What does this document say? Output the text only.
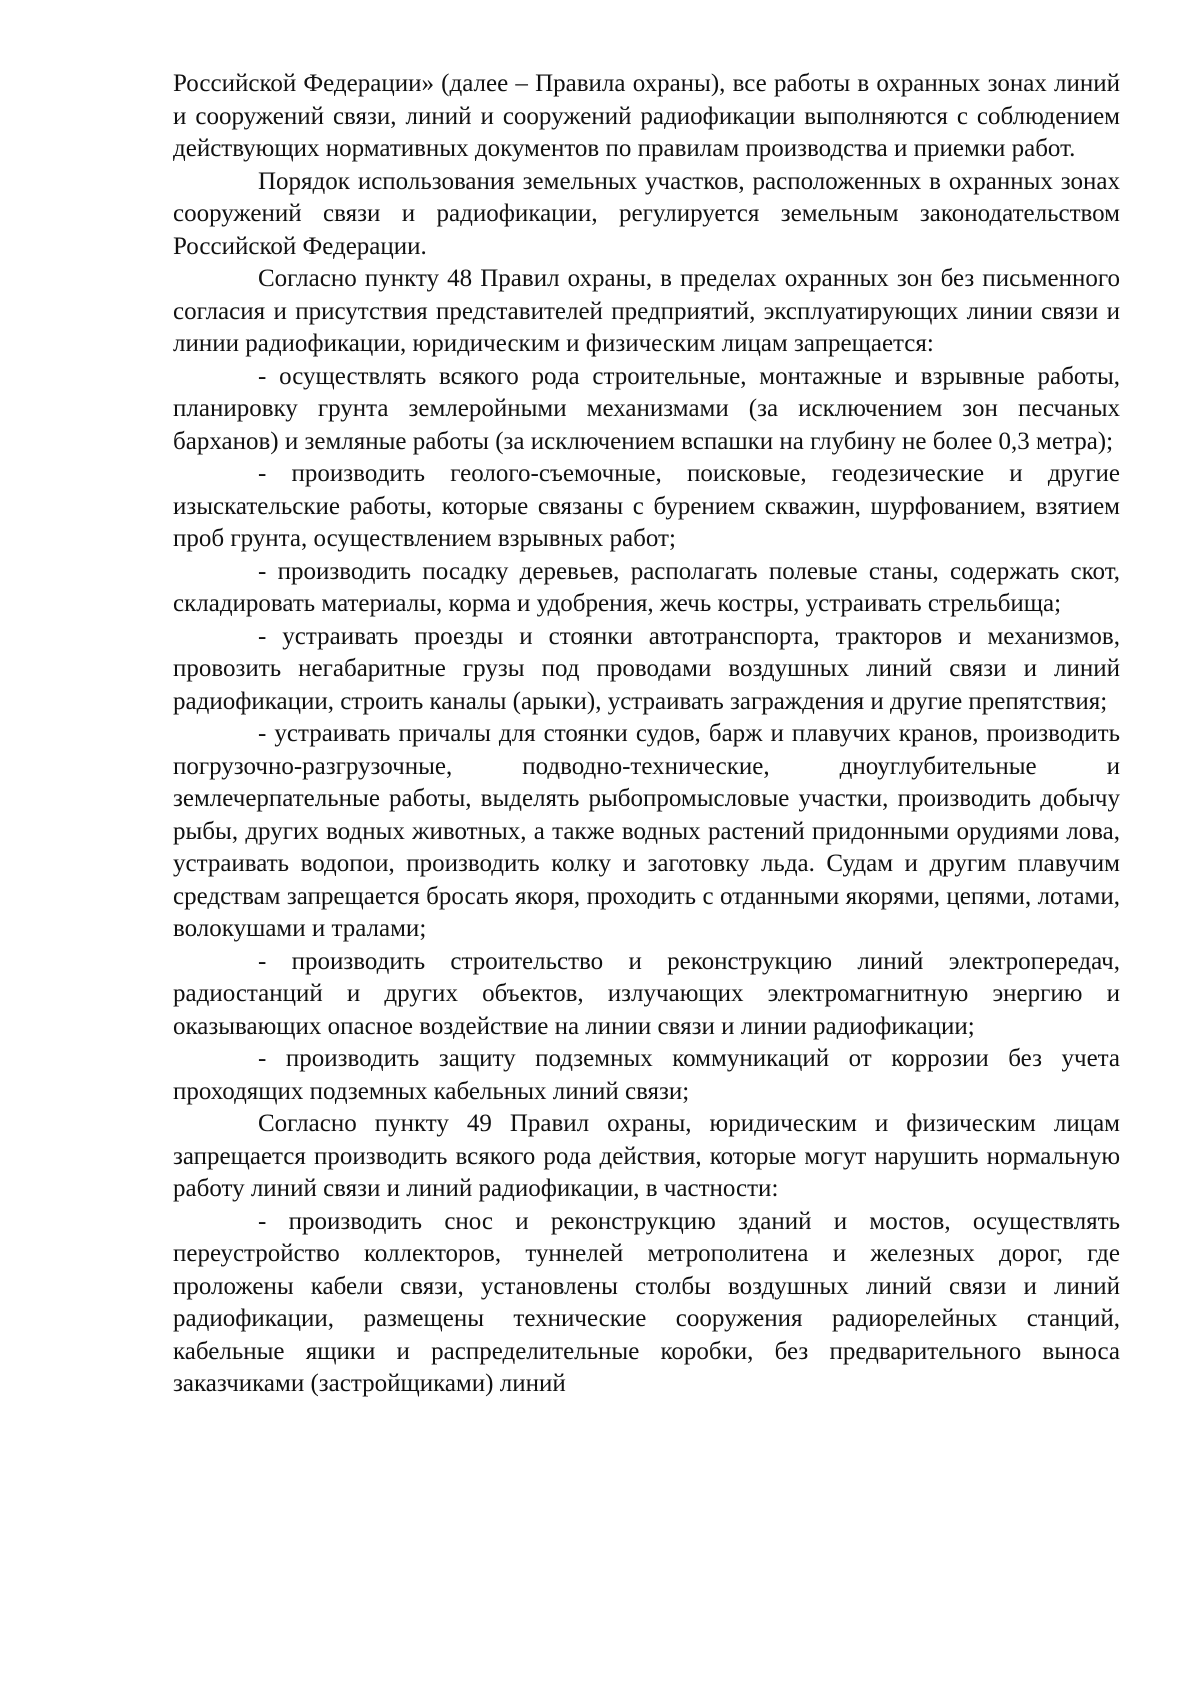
Российской Федерации» (далее – Правила охраны), все работы в охранных зонах линий и сооружений связи, линий и сооружений радиофикации выполняются с соблюдением действующих нормативных документов по правилам производства и приемки работ.

Порядок использования земельных участков, расположенных в охранных зонах сооружений связи и радиофикации, регулируется земельным законодательством Российской Федерации.

Согласно пункту 48 Правил охраны, в пределах охранных зон без письменного согласия и присутствия представителей предприятий, эксплуатирующих линии связи и линии радиофикации, юридическим и физическим лицам запрещается:

- осуществлять всякого рода строительные, монтажные и взрывные работы, планировку грунта землеройными механизмами (за исключением зон песчаных барханов) и земляные работы (за исключением вспашки на глубину не более 0,3 метра);

- производить геолого-съемочные, поисковые, геодезические и другие изыскательские работы, которые связаны с бурением скважин, шурфованием, взятием проб грунта, осуществлением взрывных работ;

- производить посадку деревьев, располагать полевые станы, содержать скот, складировать материалы, корма и удобрения, жечь костры, устраивать стрельбища;

- устраивать проезды и стоянки автотранспорта, тракторов и механизмов, провозить негабаритные грузы под проводами воздушных линий связи и линий радиофикации, строить каналы (арыки), устраивать заграждения и другие препятствия;

- устраивать причалы для стоянки судов, барж и плавучих кранов, производить погрузочно-разгрузочные, подводно-технические, дноуглубительные и землечерпательные работы, выделять рыбопромысловые участки, производить добычу рыбы, других водных животных, а также водных растений придонными орудиями лова, устраивать водопои, производить колку и заготовку льда. Судам и другим плавучим средствам запрещается бросать якоря, проходить с отданными якорями, цепями, лотами, волокушами и тралами;

- производить строительство и реконструкцию линий электропередач, радиостанций и других объектов, излучающих электромагнитную энергию и оказывающих опасное воздействие на линии связи и линии радиофикации;

- производить защиту подземных коммуникаций от коррозии без учета проходящих подземных кабельных линий связи;

Согласно пункту 49 Правил охраны, юридическим и физическим лицам запрещается производить всякого рода действия, которые могут нарушить нормальную работу линий связи и линий радиофикации, в частности:

- производить снос и реконструкцию зданий и мостов, осуществлять переустройство коллекторов, туннелей метрополитена и железных дорог, где проложены кабели связи, установлены столбы воздушных линий связи и линий радиофикации, размещены технические сооружения радиорелейных станций, кабельные ящики и распределительные коробки, без предварительного выноса заказчиками (застройщиками) линий
